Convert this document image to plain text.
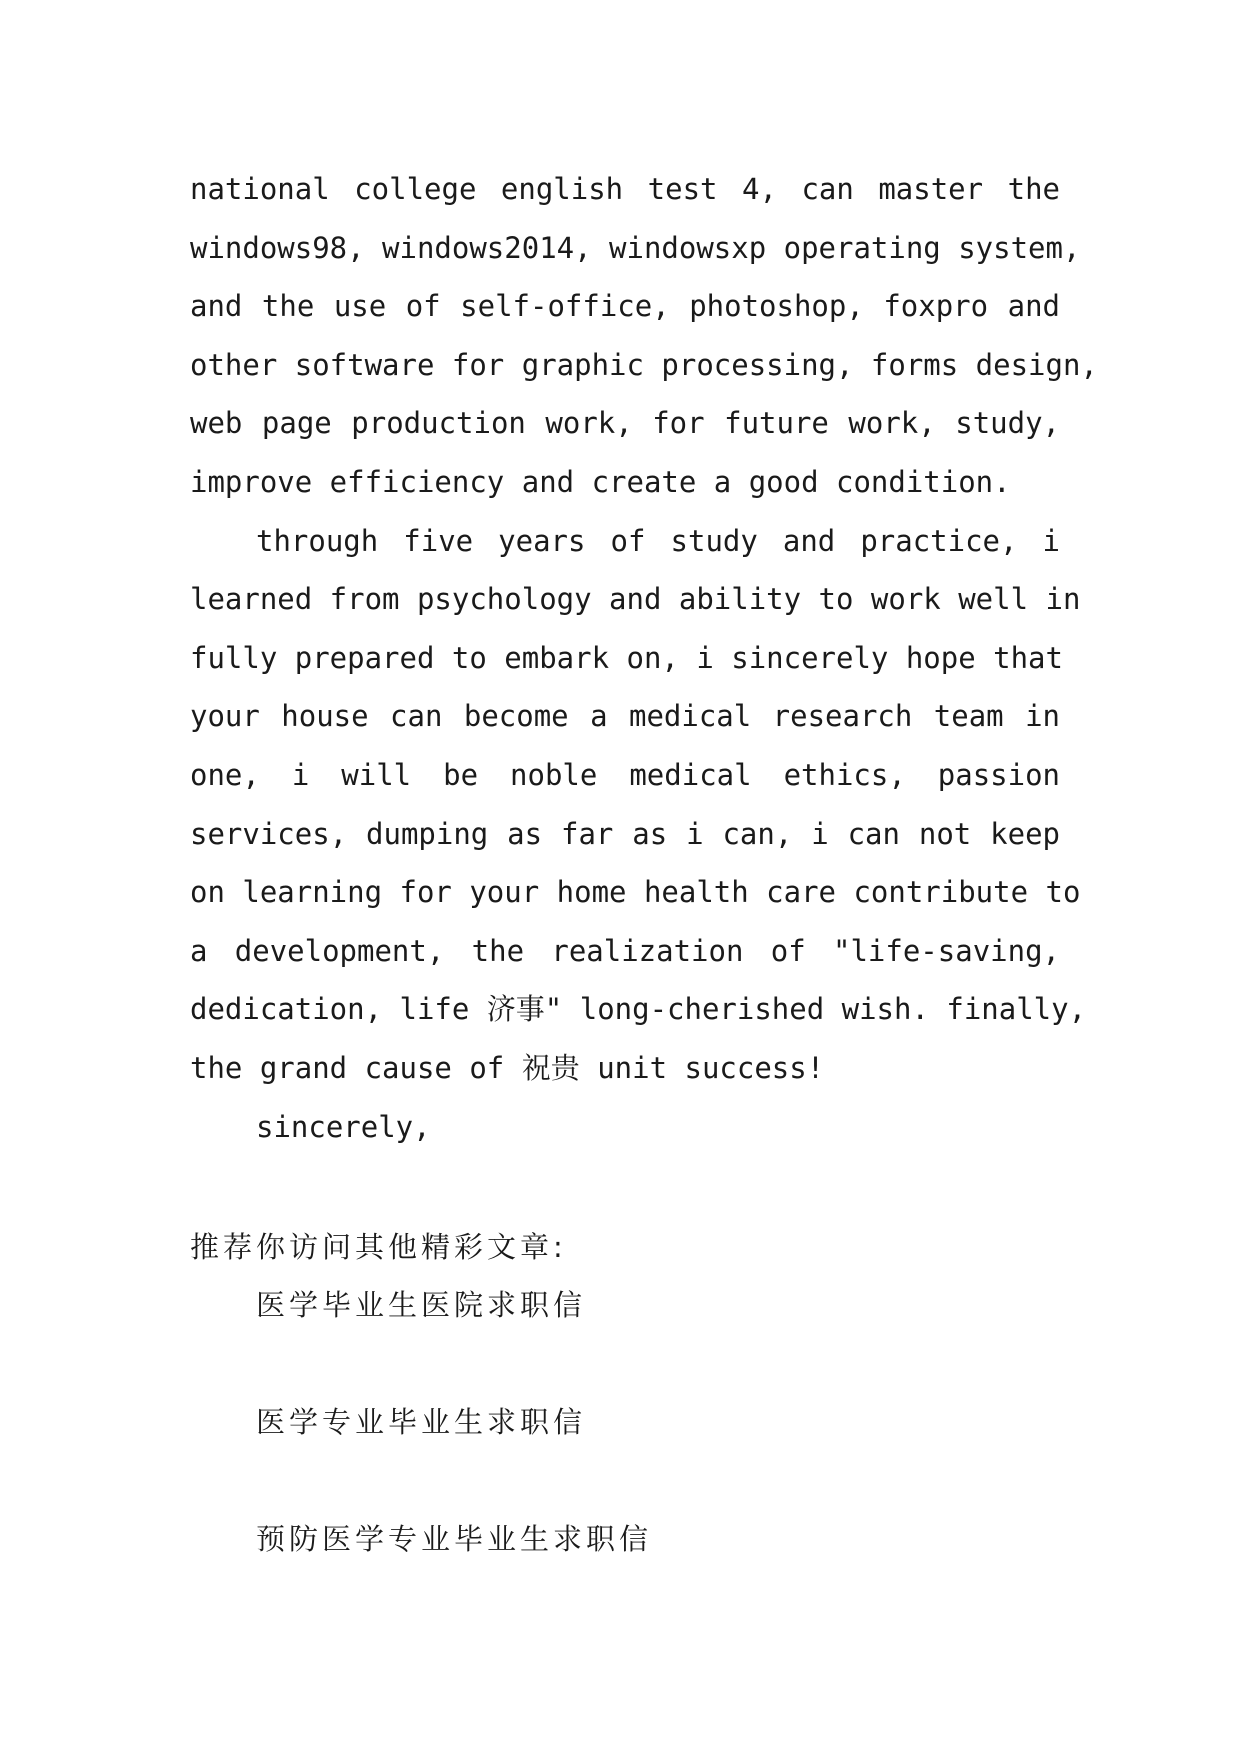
national college english test 4, can master the
windows98, windows2014, windowsxp operating system,
and the use of self-office, photoshop, foxpro and
other software for graphic processing, forms design,
web page production work, for future work, study,
improve efficiency and create a good condition.
through five years of study and practice, i
learned from psychology and ability to work well in
fully prepared to embark on, i sincerely hope that
your house can become a medical research team in
one, i will be noble medical ethics, passion
services, dumping as far as i can, i can not keep
on learning for your home health care contribute to
a development, the realization of "life-saving,
dedication, life 济事" long-cherished wish. finally,
the grand cause of 祝贵 unit success!
sincerely,
推荐你访问其他精彩文章:
医学毕业生医院求职信
医学专业毕业生求职信
预防医学专业毕业生求职信
